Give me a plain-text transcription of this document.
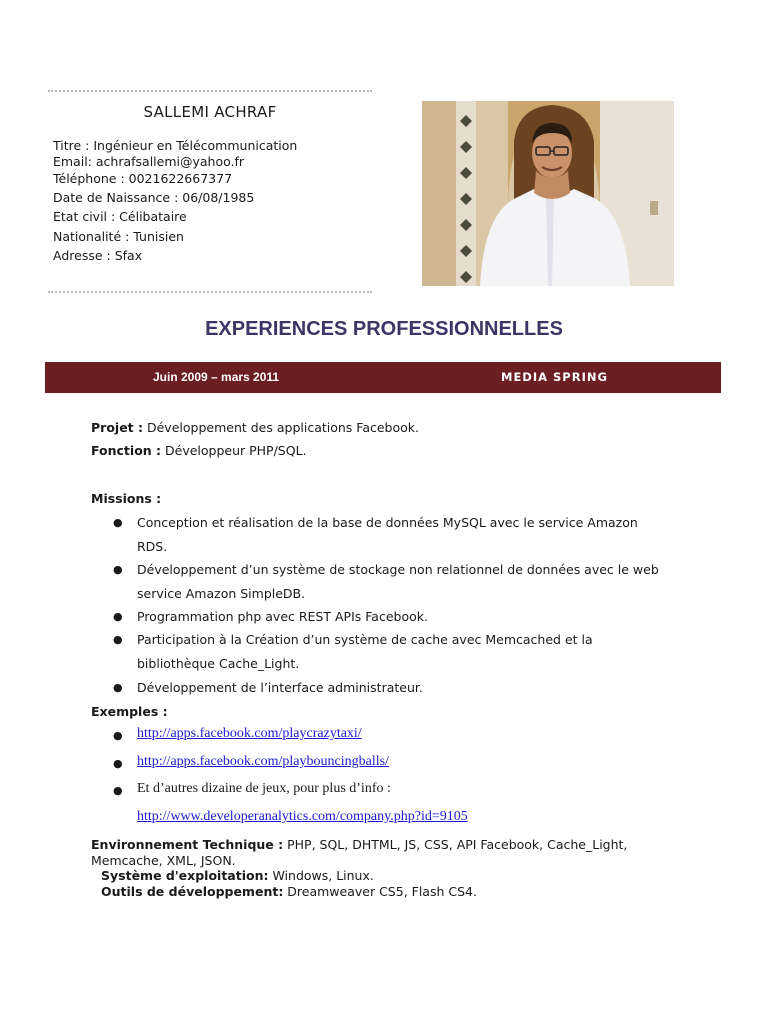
SALLEMI ACHRAF
Titre : Ingénieur en Télécommunication
Email: achrafsallemi@yahoo.fr
Téléphone : 0021622667377
Date de Naissance : 06/08/1985
Etat civil : Célibataire
Nationalité : Tunisien
Adresse : Sfax
EXPERIENCES PROFESSIONNELLES
Juin 2009 – mars 2011	MEDIA SPRING
Projet : Développement des applications Facebook.
Fonction : Développeur PHP/SQL.
Missions :
● Conception et réalisation de la base de données MySQL avec le service Amazon
RDS.
● Développement d’un système de stockage non relationnel de données avec le web
service Amazon SimpleDB.
● Programmation php avec REST APIs Facebook.
● Participation à la Création d’un système de cache avec Memcached et la
bibliothèque Cache_Light.
● Développement de l’interface administrateur.
Exemples :
● http://apps.facebook.com/playcrazytaxi/
● http://apps.facebook.com/playbouncingballs/
● Et d’autres dizaine de jeux, pour plus d’info :
http://www.developeranalytics.com/company.php?id=9105
Environnement Technique : PHP, SQL, DHTML, JS, CSS, API Facebook, Cache_Light,
Memcache, XML, JSON.
Système d'exploitation: Windows, Linux.
Outils de développement: Dreamweaver CS5, Flash CS4.
